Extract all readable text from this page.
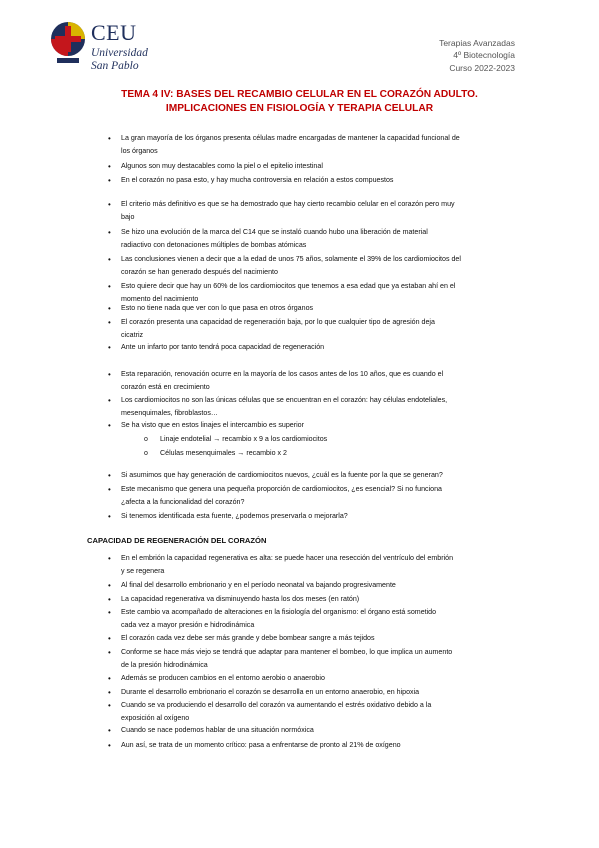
CEU
Universidad
San Pablo
Terapias Avanzadas
4º Biotecnología
Curso 2022-2023
TEMA 4 IV: BASES DEL RECAMBIO CELULAR EN EL CORAZÓN ADULTO.
IMPLICACIONES EN FISIOLOGÍA Y TERAPIA CELULAR
• La gran mayoría de los órganos presenta células madre encargadas de mantener la capacidad funcional de
los órganos
• Algunos son muy destacables como la piel o el epitelio intestinal
• En el corazón no pasa esto, y hay mucha controversia en relación a estos compuestos
• El criterio más definitivo es que se ha demostrado que hay cierto recambio celular en el corazón pero muy
bajo
• Se hizo una evolución de la marca del C14 que se instaló cuando hubo una liberación de material
radiactivo con detonaciones múltiples de bombas atómicas
• Las conclusiones vienen a decir que a la edad de unos 75 años, solamente el 39% de los cardiomiocitos del
corazón se han generado después del nacimiento
• Esto quiere decir que hay un 60% de los cardiomiocitos que tenemos a esa edad que ya estaban ahí en el
momento del nacimiento
• Esto no tiene nada que ver con lo que pasa en otros órganos
• El corazón presenta una capacidad de regeneración baja, por lo que cualquier tipo de agresión deja
cicatriz
• Ante un infarto por tanto tendrá poca capacidad de regeneración
• Esta reparación, renovación ocurre en la mayoría de los casos antes de los 10 años, que es cuando el
corazón está en crecimiento
• Los cardiomiocitos no son las únicas células que se encuentran en el corazón: hay células endoteliales,
mesenquimales, fibroblastos…
• Se ha visto que en estos linajes el intercambio es superior
• Si asumimos que hay generación de cardiomiocitos nuevos, ¿cuál es la fuente por la que se generan?
• Este mecanismo que genera una pequeña proporción de cardiomiocitos, ¿es esencial? Si no funciona
¿afecta a la funcionalidad del corazón?
• Si tenemos identificada esta fuente, ¿podemos preservarla o mejorarla?
o Linaje endotelial → recambio x 9 a los cardiomiocitos
o Células mesenquimales → recambio x 2
CAPACIDAD DE REGENERACIÓN DEL CORAZÓN
• En el embrión la capacidad regenerativa es alta: se puede hacer una resección del ventrículo del embrión
y se regenera
• Al final del desarrollo embrionario y en el período neonatal va bajando progresivamente
• La capacidad regenerativa va disminuyendo hasta los dos meses (en ratón)
• Este cambio va acompañado de alteraciones en la fisiología del organismo: el órgano está sometido
cada vez a mayor presión e hidrodinámica
• El corazón cada vez debe ser más grande y debe bombear sangre a más tejidos
• Conforme se hace más viejo se tendrá que adaptar para mantener el bombeo, lo que implica un aumento
de la presión hidrodinámica
• Además se producen cambios en el entorno aerobio o anaerobio
• Durante el desarrollo embrionario el corazón se desarrolla en un entorno anaerobio, en hipoxia
• Cuando se va produciendo el desarrollo del corazón va aumentando el estrés oxidativo debido a la
exposición al oxígeno
• Cuando se nace podemos hablar de una situación normóxica
• Aun así, se trata de un momento crítico: pasa a enfrentarse de pronto al 21% de oxígeno
